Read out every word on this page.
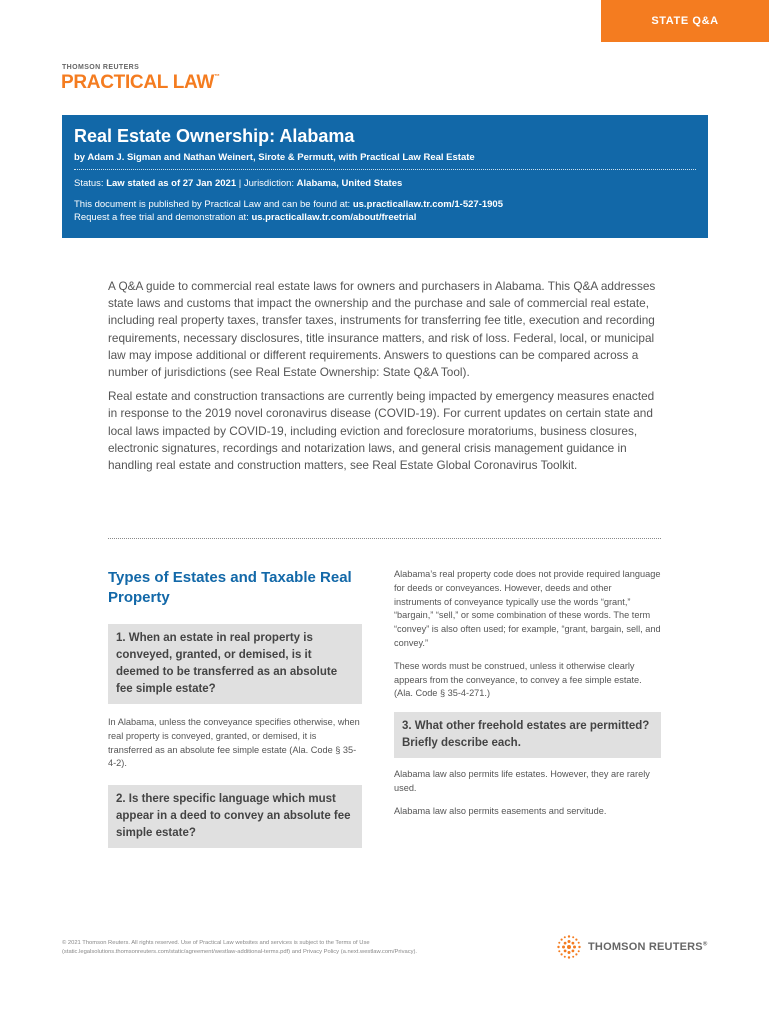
STATE Q&A
THOMSON REUTERS
PRACTICAL LAW™
Real Estate Ownership: Alabama
by Adam J. Sigman and Nathan Weinert, Sirote & Permutt, with Practical Law Real Estate
Status: Law stated as of 27 Jan 2021 | Jurisdiction: Alabama, United States
This document is published by Practical Law and can be found at: us.practicallaw.tr.com/1-527-1905
Request a free trial and demonstration at: us.practicallaw.tr.com/about/freetrial

A Q&A guide to commercial real estate laws for owners and purchasers in Alabama. This Q&A addresses state laws and customs that impact the ownership and the purchase and sale of commercial real estate, including real property taxes, transfer taxes, instruments for transferring fee title, execution and recording requirements, necessary disclosures, title insurance matters, and risk of loss. Federal, local, or municipal law may impose additional or different requirements. Answers to questions can be compared across a number of jurisdictions (see Real Estate Ownership: State Q&A Tool).

Real estate and construction transactions are currently being impacted by emergency measures enacted in response to the 2019 novel coronavirus disease (COVID-19). For current updates on certain state and local laws impacted by COVID-19, including eviction and foreclosure moratoriums, business closures, electronic signatures, recordings and notarization laws, and general crisis management guidance in handling real estate and construction matters, see Real Estate Global Coronavirus Toolkit.

Types of Estates and Taxable Real Property
1. When an estate in real property is conveyed, granted, or demised, is it deemed to be transferred as an absolute fee simple estate?
In Alabama, unless the conveyance specifies otherwise, when real property is conveyed, granted, or demised, it is transferred as an absolute fee simple estate (Ala. Code § 35-4-2).
2. Is there specific language which must appear in a deed to convey an absolute fee simple estate?
Alabama’s real property code does not provide required language for deeds or conveyances. However, deeds and other instruments of conveyance typically use the words “grant,” “bargain,” “sell,” or some combination of these words. The term “convey” is also often used; for example, “grant, bargain, sell, and convey.”
These words must be construed, unless it otherwise clearly appears from the conveyance, to convey a fee simple estate. (Ala. Code § 35-4-271.)
3. What other freehold estates are permitted? Briefly describe each.
Alabama law also permits life estates. However, they are rarely used.
Alabama law also permits easements and servitude.
© 2021 Thomson Reuters. All rights reserved. Use of Practical Law websites and services is subject to the Terms of Use (static.legalsolutions.thomsonreuters.com/static/agreement/westlaw-additional-terms.pdf) and Privacy Policy (a.next.westlaw.com/Privacy).	THOMSON REUTERS®
